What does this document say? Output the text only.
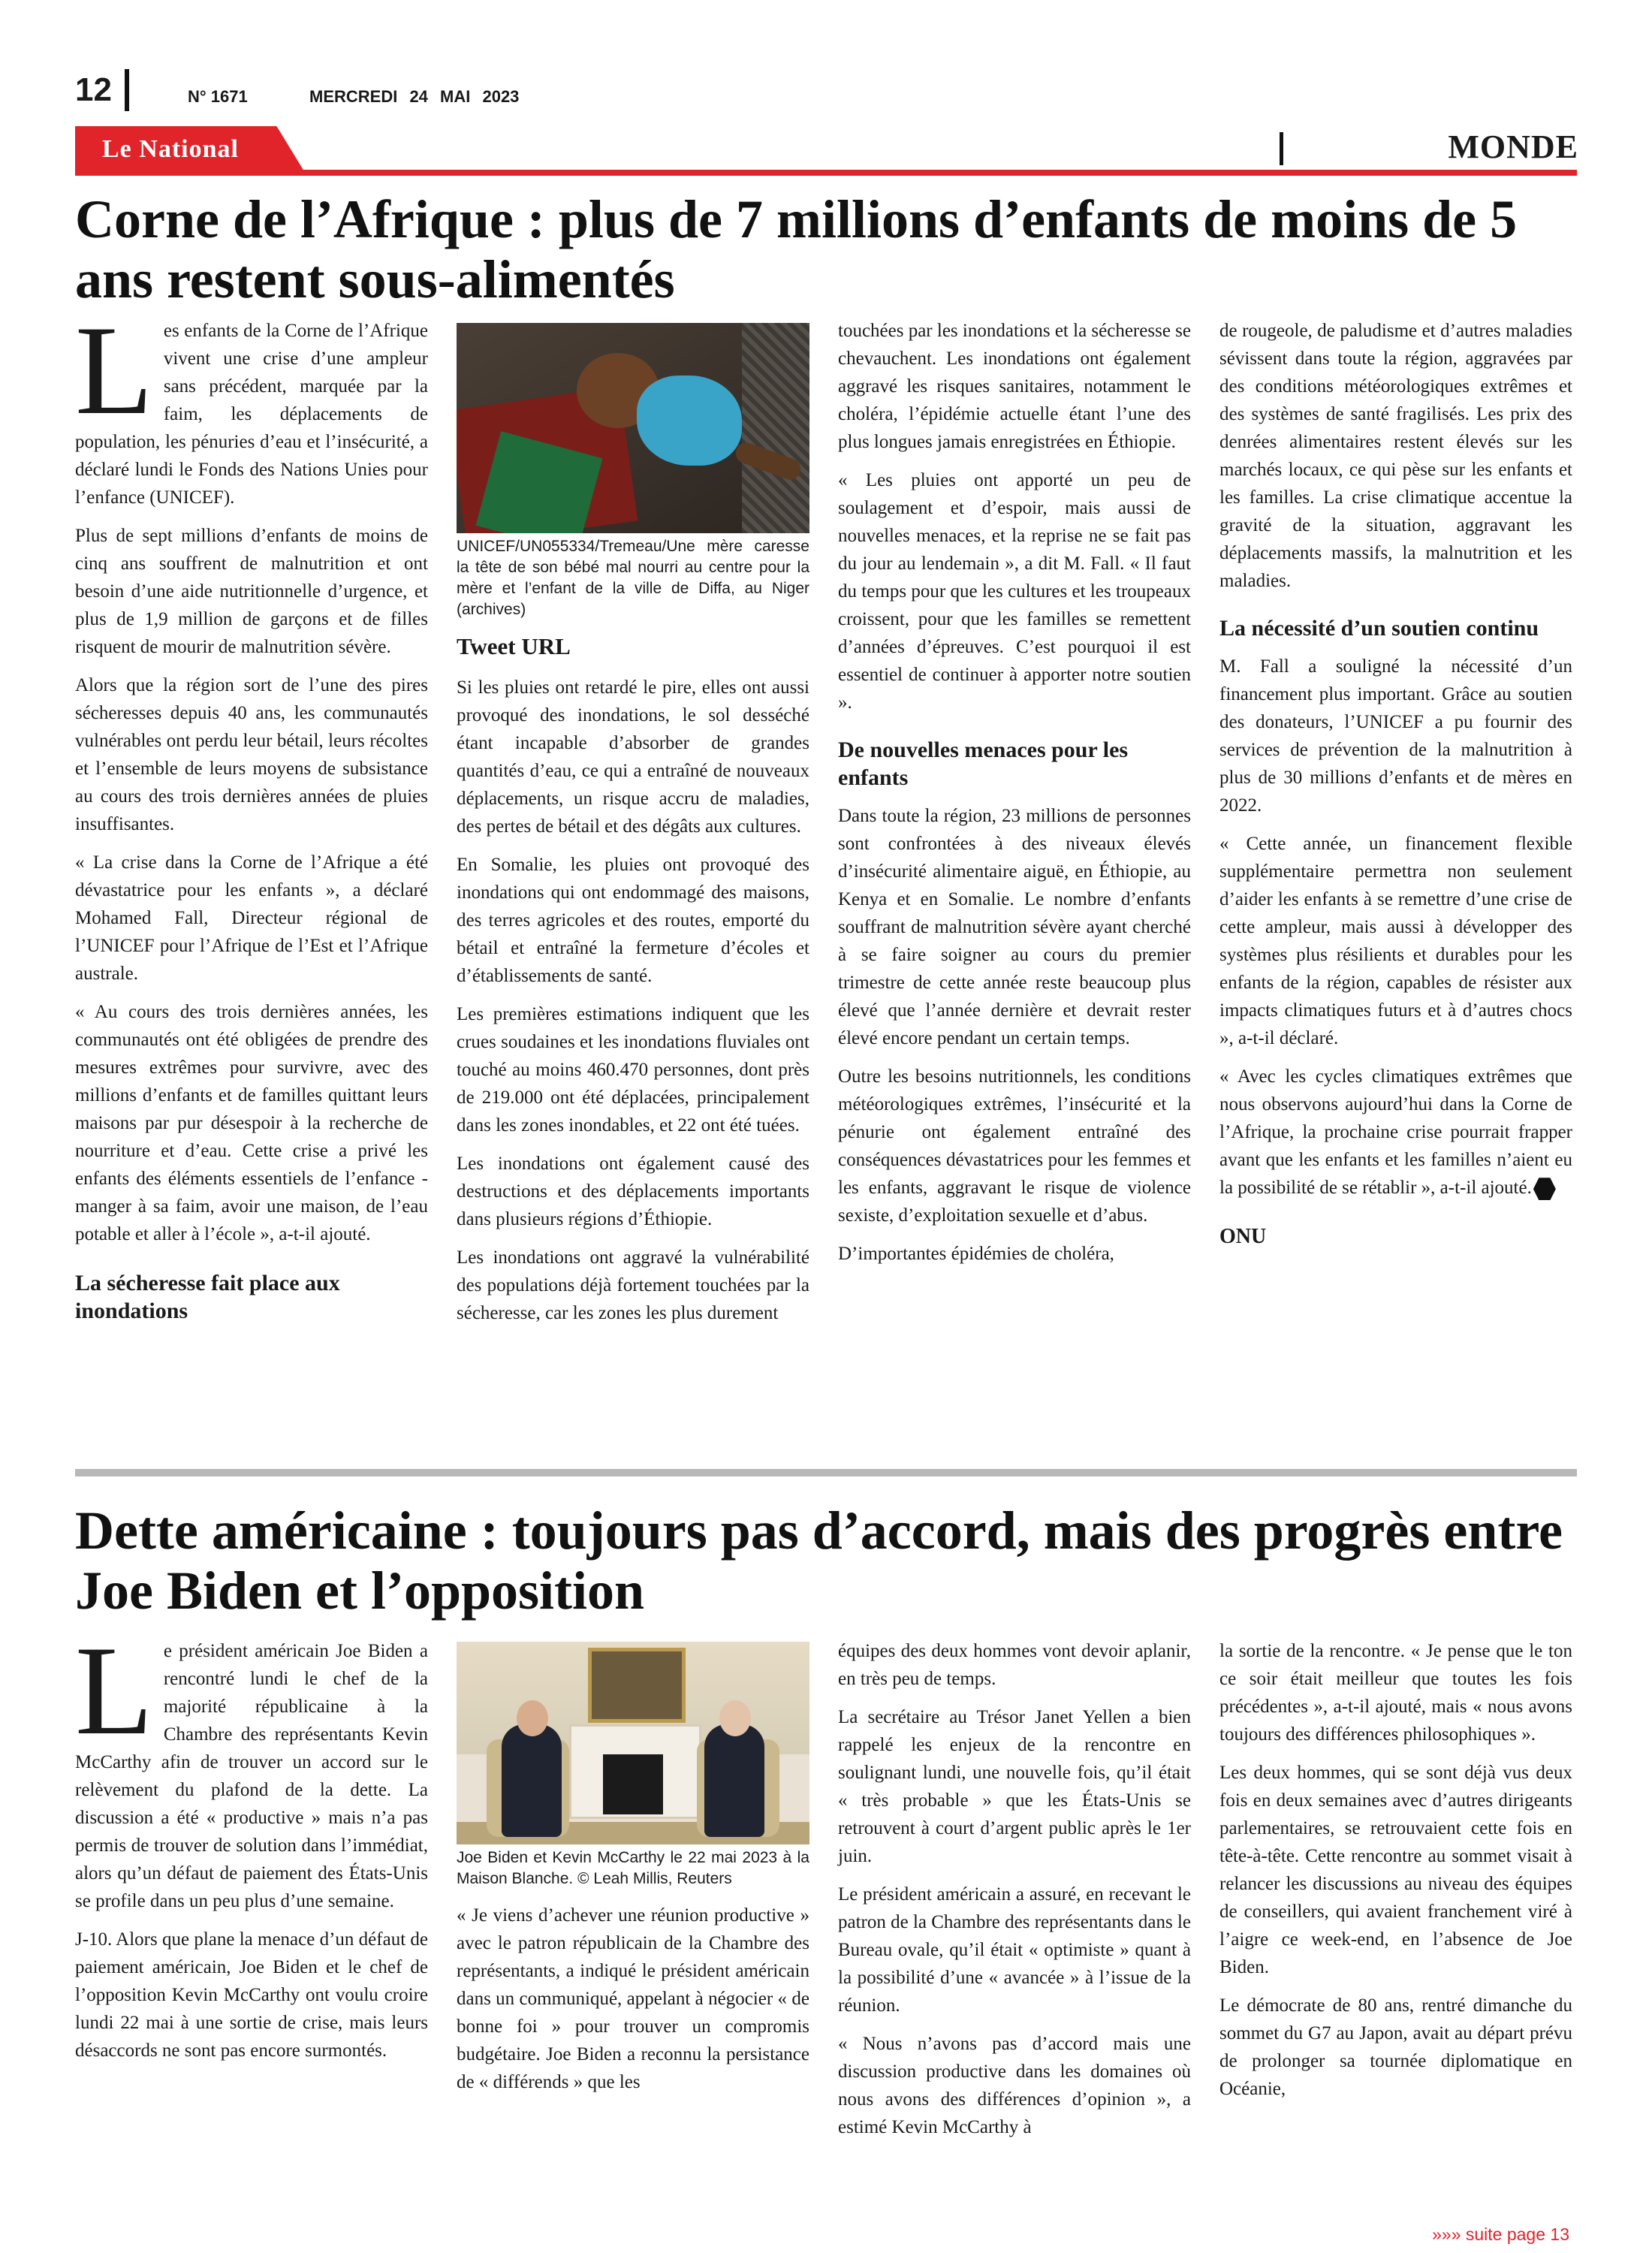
12	N° 1671	MERCREDI 24 MAI 2023
Le National	MONDE
Corne de l’Afrique : plus de 7 millions d’enfants de moins de 5 ans restent sous-alimentés

Les enfants de la Corne de l’Afrique vivent une crise d’une ampleur sans précédent, marquée par la faim, les déplacements de population, les pénuries d’eau et l’insécurité, a déclaré lundi le Fonds des Nations Unies pour l’enfance (UNICEF).

Plus de sept millions d’enfants de moins de cinq ans souffrent de malnutrition et ont besoin d’une aide nutritionnelle d’urgence, et plus de 1,9 million de garçons et de filles risquent de mourir de malnutrition sévère.

Alors que la région sort de l’une des pires sécheresses depuis 40 ans, les communautés vulnérables ont perdu leur bétail, leurs récoltes et l’ensemble de leurs moyens de subsistance au cours des trois dernières années de pluies insuffisantes.

« La crise dans la Corne de l’Afrique a été dévastatrice pour les enfants », a déclaré Mohamed Fall, Directeur régional de l’UNICEF pour l’Afrique de l’Est et l’Afrique australe.

« Au cours des trois dernières années, les communautés ont été obligées de prendre des mesures extrêmes pour survivre, avec des millions d’enfants et de familles quittant leurs maisons par pur désespoir à la recherche de nourriture et d’eau. Cette crise a privé les enfants des éléments essentiels de l’enfance - manger à sa faim, avoir une maison, de l’eau potable et aller à l’école », a-t-il ajouté.

La sécheresse fait place aux inondations
UNICEF/UN055334/Tremeau/Une mère caresse la tête de son bébé mal nourri au centre pour la mère et l’enfant de la ville de Diffa, au Niger (archives)
Tweet URL

Si les pluies ont retardé le pire, elles ont aussi provoqué des inondations, le sol desséché étant incapable d’absorber de grandes quantités d’eau, ce qui a entraîné de nouveaux déplacements, un risque accru de maladies, des pertes de bétail et des dégâts aux cultures.

En Somalie, les pluies ont provoqué des inondations qui ont endommagé des maisons, des terres agricoles et des routes, emporté du bétail et entraîné la fermeture d’écoles et d’établissements de santé.

Les premières estimations indiquent que les crues soudaines et les inondations fluviales ont touché au moins 460.470 personnes, dont près de 219.000 ont été déplacées, principalement dans les zones inondables, et 22 ont été tuées.

Les inondations ont également causé des destructions et des déplacements importants dans plusieurs régions d’Éthiopie.

Les inondations ont aggravé la vulnérabilité des populations déjà fortement touchées par la sécheresse, car les zones les plus durement

touchées par les inondations et la sécheresse se chevauchent. Les inondations ont également aggravé les risques sanitaires, notamment le choléra, l’épidémie actuelle étant l’une des plus longues jamais enregistrées en Éthiopie.

« Les pluies ont apporté un peu de soulagement et d’espoir, mais aussi de nouvelles menaces, et la reprise ne se fait pas du jour au lendemain », a dit M. Fall. « Il faut du temps pour que les cultures et les troupeaux croissent, pour que les familles se remettent d’années d’épreuves. C’est pourquoi il est essentiel de continuer à apporter notre soutien ».

De nouvelles menaces pour les enfants

Dans toute la région, 23 millions de personnes sont confrontées à des niveaux élevés d’insécurité alimentaire aiguë, en Éthiopie, au Kenya et en Somalie. Le nombre d’enfants souffrant de malnutrition sévère ayant cherché à se faire soigner au cours du premier trimestre de cette année reste beaucoup plus élevé que l’année dernière et devrait rester élevé encore pendant un certain temps.

Outre les besoins nutritionnels, les conditions météorologiques extrêmes, l’insécurité et la pénurie ont également entraîné des conséquences dévastatrices pour les femmes et les enfants, aggravant le risque de violence sexiste, d’exploitation sexuelle et d’abus.

D’importantes épidémies de choléra,

de rougeole, de paludisme et d’autres maladies sévissent dans toute la région, aggravées par des conditions météorologiques extrêmes et des systèmes de santé fragilisés. Les prix des denrées alimentaires restent élevés sur les marchés locaux, ce qui pèse sur les enfants et les familles. La crise climatique accentue la gravité de la situation, aggravant les déplacements massifs, la malnutrition et les maladies.

La nécessité d’un soutien continu

M. Fall a souligné la nécessité d’un financement plus important. Grâce au soutien des donateurs, l’UNICEF a pu fournir des services de prévention de la malnutrition à plus de 30 millions d’enfants et de mères en 2022.

« Cette année, un financement flexible supplémentaire permettra non seulement d’aider les enfants à se remettre d’une crise de cette ampleur, mais aussi à développer des systèmes plus résilients et durables pour les enfants de la région, capables de résister aux impacts climatiques futurs et à d’autres chocs », a-t-il déclaré.

« Avec les cycles climatiques extrêmes que nous observons aujourd’hui dans la Corne de l’Afrique, la prochaine crise pourrait frapper avant que les enfants et les familles n’aient eu la possibilité de se rétablir », a-t-il ajouté.

ONU
Dette américaine : toujours pas d’accord, mais des progrès entre Joe Biden et l’opposition

Le président américain Joe Biden a rencontré lundi le chef de la majorité républicaine à la Chambre des représentants Kevin McCarthy afin de trouver un accord sur le relèvement du plafond de la dette. La discussion a été « productive » mais n’a pas permis de trouver de solution dans l’immédiat, alors qu’un défaut de paiement des États-Unis se profile dans un peu plus d’une semaine.

J-10. Alors que plane la menace d’un défaut de paiement américain, Joe Biden et le chef de l’opposition Kevin McCarthy ont voulu croire lundi 22 mai à une sortie de crise, mais leurs désaccords ne sont pas encore surmontés.

Joe Biden et Kevin McCarthy le 22 mai 2023 à la Maison Blanche. © Leah Millis, Reuters

« Je viens d’achever une réunion productive » avec le patron républicain de la Chambre des représentants, a indiqué le président américain dans un communiqué, appelant à négocier « de bonne foi » pour trouver un compromis budgétaire. Joe Biden a reconnu la persistance de « différends » que les

équipes des deux hommes vont devoir aplanir, en très peu de temps.

La secrétaire au Trésor Janet Yellen a bien rappelé les enjeux de la rencontre en soulignant lundi, une nouvelle fois, qu’il était « très probable » que les États-Unis se retrouvent à court d’argent public après le 1er juin.

Le président américain a assuré, en recevant le patron de la Chambre des représentants dans le Bureau ovale, qu’il était « optimiste » quant à la possibilité d’une « avancée » à l’issue de la réunion.

« Nous n’avons pas d’accord mais une discussion productive dans les domaines où nous avons des différences d’opinion », a estimé Kevin McCarthy à

la sortie de la rencontre. « Je pense que le ton ce soir était meilleur que toutes les fois précédentes », a-t-il ajouté, mais « nous avons toujours des différences philosophiques ».

Les deux hommes, qui se sont déjà vus deux fois en deux semaines avec d’autres dirigeants parlementaires, se retrouvaient cette fois en tête-à-tête. Cette rencontre au sommet visait à relancer les discussions au niveau des équipes de conseillers, qui avaient franchement viré à l’aigre ce week-end, en l’absence de Joe Biden.

Le démocrate de 80 ans, rentré dimanche du sommet du G7 au Japon, avait au départ prévu de prolonger sa tournée diplomatique en Océanie,

»»» suite page 13
